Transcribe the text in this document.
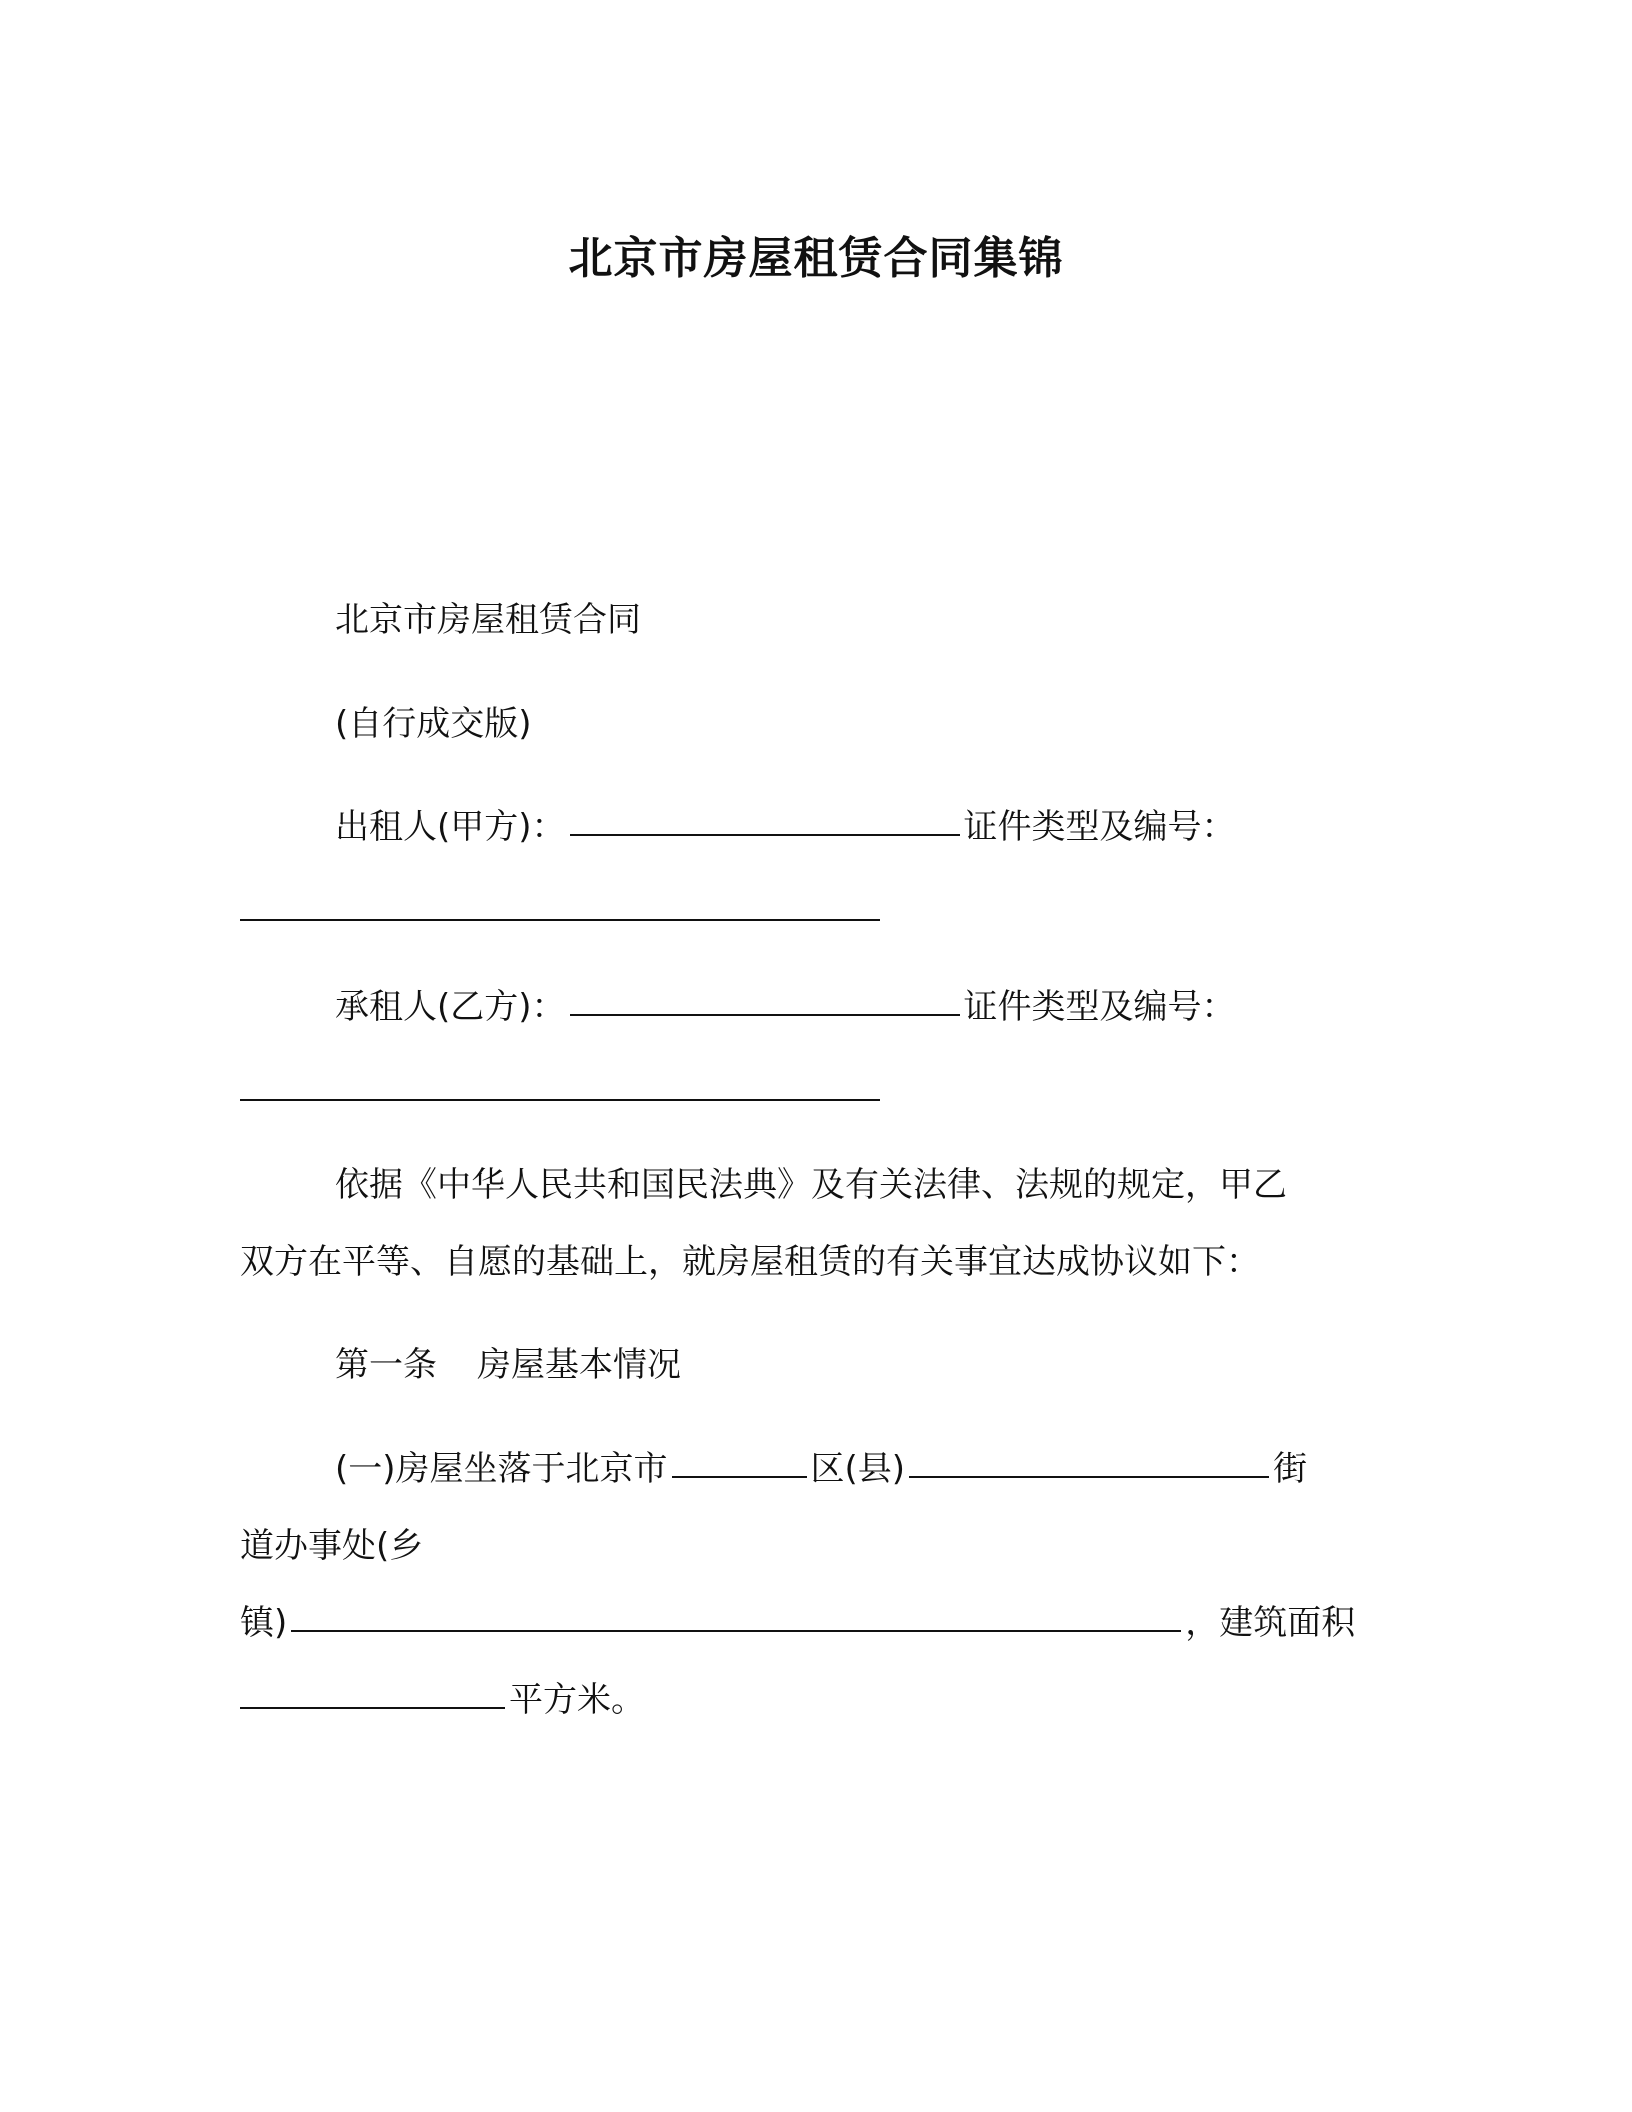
北京市房屋租赁合同集锦
北京市房屋租赁合同
(自行成交版)
出租人(甲方)：	证件类型及编号：
承租人(乙方)：	证件类型及编号：
依据《中华人民共和国民法典》及有关法律、法规的规定，甲乙
双方在平等、自愿的基础上，就房屋租赁的有关事宜达成协议如下：
第一条 房屋基本情况
(一)房屋坐落于北京市	区(县)	街
道办事处(乡
镇)	，建筑面积
平方米。
